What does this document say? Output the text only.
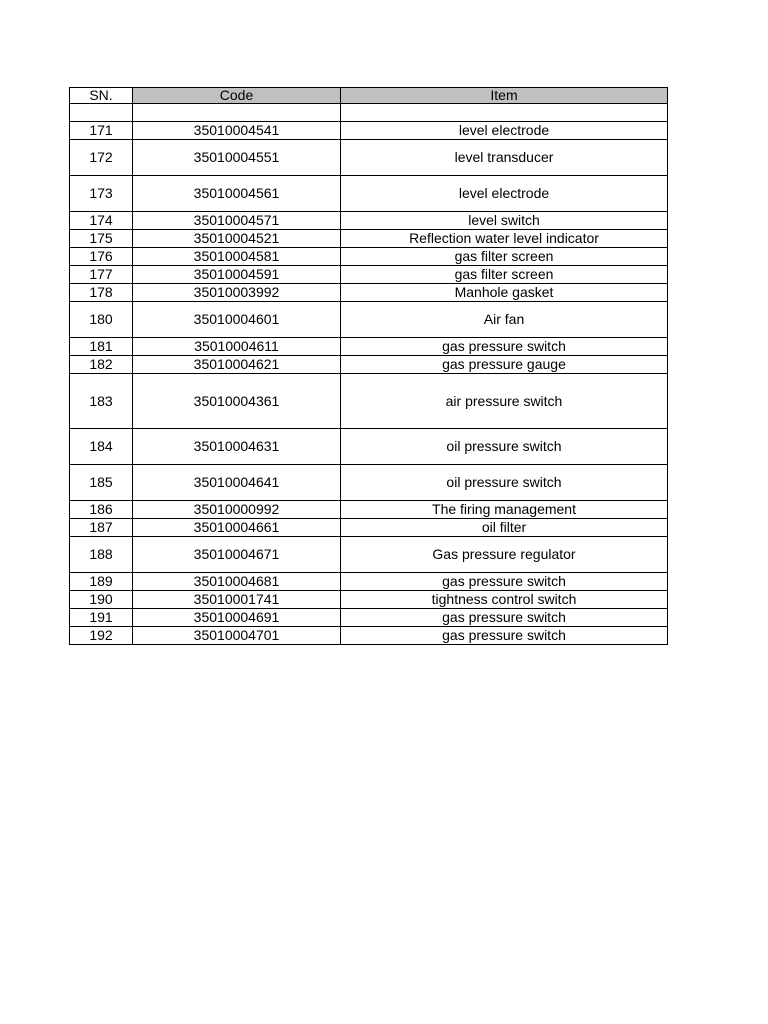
SN.	Code	Item

171	35010004541	level electrode
172	35010004551	level transducer
173	35010004561	level electrode
174	35010004571	level switch
175	35010004521	Reflection water level indicator
176	35010004581	gas filter screen
177	35010004591	gas filter screen
178	35010003992	Manhole gasket
180	35010004601	Air fan
181	35010004611	gas pressure switch
182	35010004621	gas pressure gauge
183	35010004361	air pressure switch
184	35010004631	oil pressure switch
185	35010004641	oil pressure switch
186	35010000992	The firing management
187	35010004661	oil filter
188	35010004671	Gas pressure regulator
189	35010004681	gas pressure switch
190	35010001741	tightness control switch
191	35010004691	gas pressure switch
192	35010004701	gas pressure switch
